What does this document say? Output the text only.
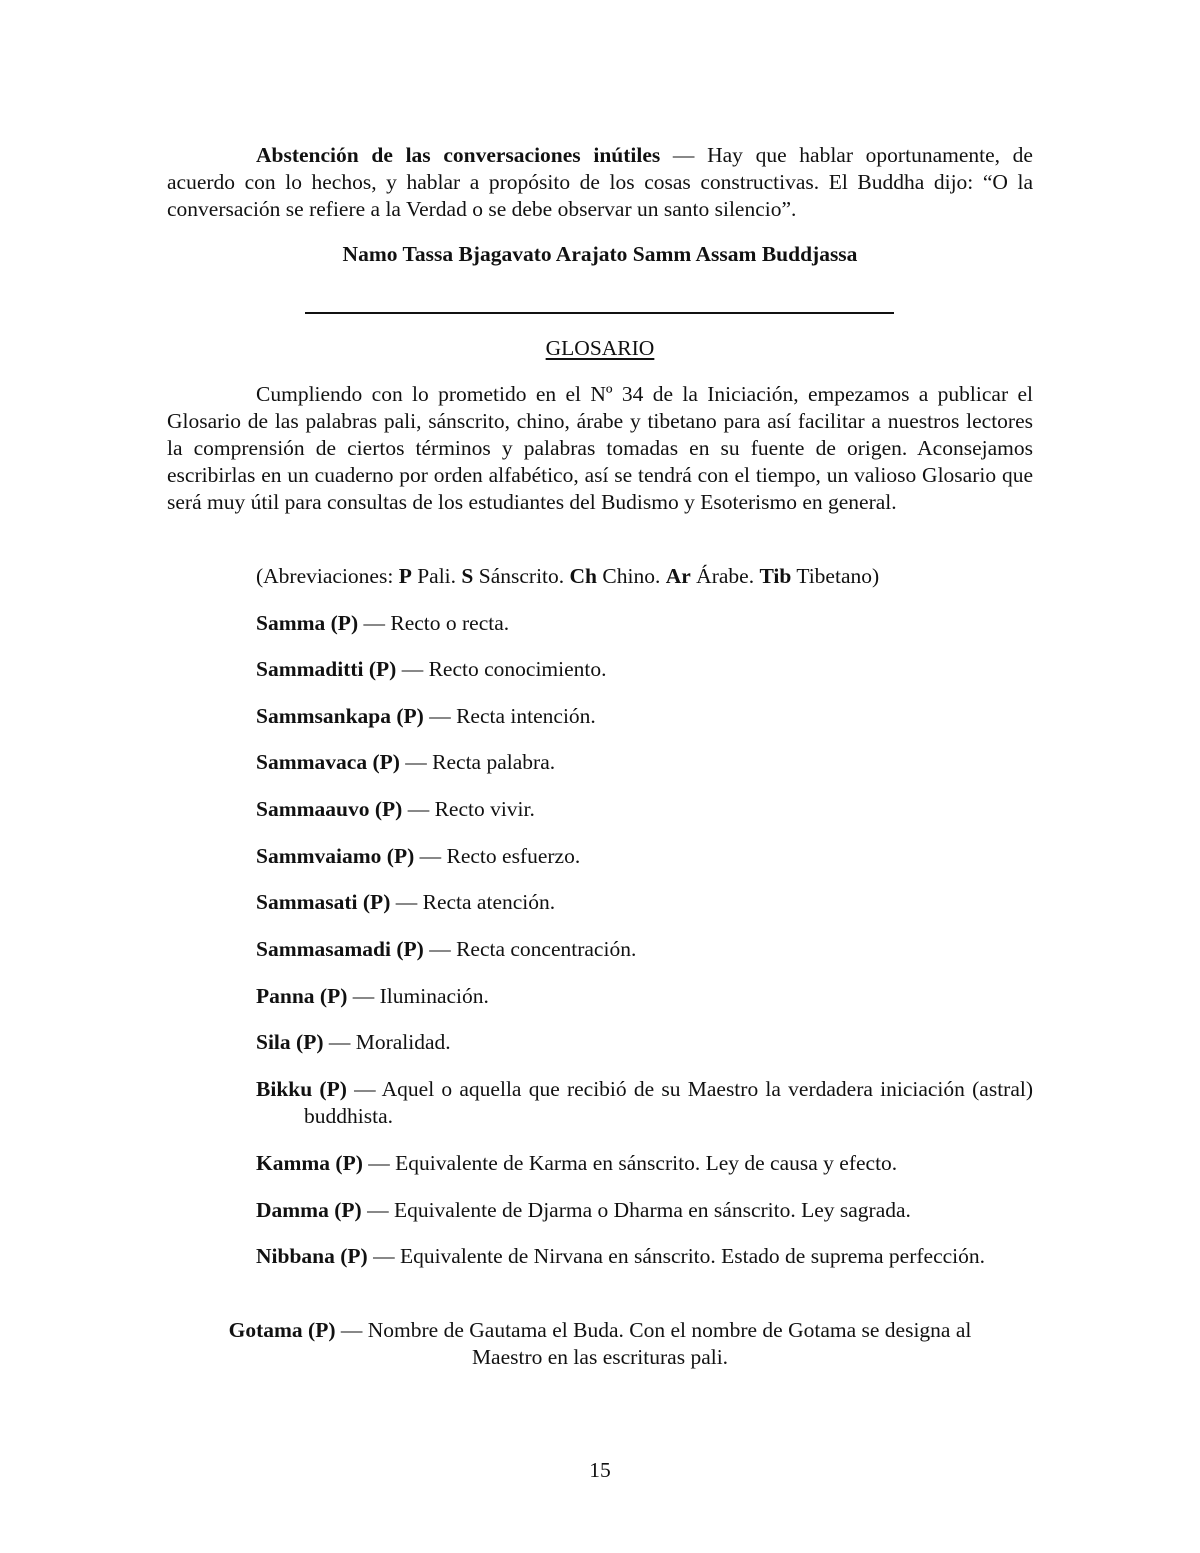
Abstención de las conversaciones inútiles — Hay que hablar oportunamente, de acuerdo con lo hechos, y hablar a propósito de los cosas constructivas. El Buddha dijo: “O la conversación se refiere a la Verdad o se debe observar un santo silencio”.

Namo Tassa Bjagavato Arajato Samm Assam Buddjassa

GLOSARIO

Cumpliendo con lo prometido en el Nº 34 de la Iniciación, empezamos a publicar el Glosario de las palabras pali, sánscrito, chino, árabe y tibetano para así facilitar a nuestros lectores la comprensión de ciertos términos y palabras tomadas en su fuente de origen. Aconsejamos escribirlas en un cuaderno por orden alfabético, así se tendrá con el tiempo, un valioso Glosario que será muy útil para consultas de los estudiantes del Budismo y Esoterismo en general.

(Abreviaciones: P Pali. S Sánscrito. Ch Chino. Ar Árabe. Tib Tibetano)

Samma (P) — Recto o recta.

Sammaditti (P) — Recto conocimiento.

Sammsankapa (P) — Recta intención.

Sammavaca (P) — Recta palabra.

Sammaauvo (P) — Recto vivir.

Sammvaiamo (P) — Recto esfuerzo.

Sammasati (P) — Recta atención.

Sammasamadi (P) — Recta concentración.

Panna (P) — Iluminación.

Sila (P) — Moralidad.

Bikku (P) — Aquel o aquella que recibió de su Maestro la verdadera iniciación (astral) buddhista.

Kamma (P) — Equivalente de Karma en sánscrito. Ley de causa y efecto.

Damma (P) — Equivalente de Djarma o Dharma en sánscrito. Ley sagrada.

Nibbana (P) — Equivalente de Nirvana en sánscrito. Estado de suprema perfección.

Gotama (P) — Nombre de Gautama el Buda. Con el nombre de Gotama se designa al
Maestro en las escrituras pali.
15
